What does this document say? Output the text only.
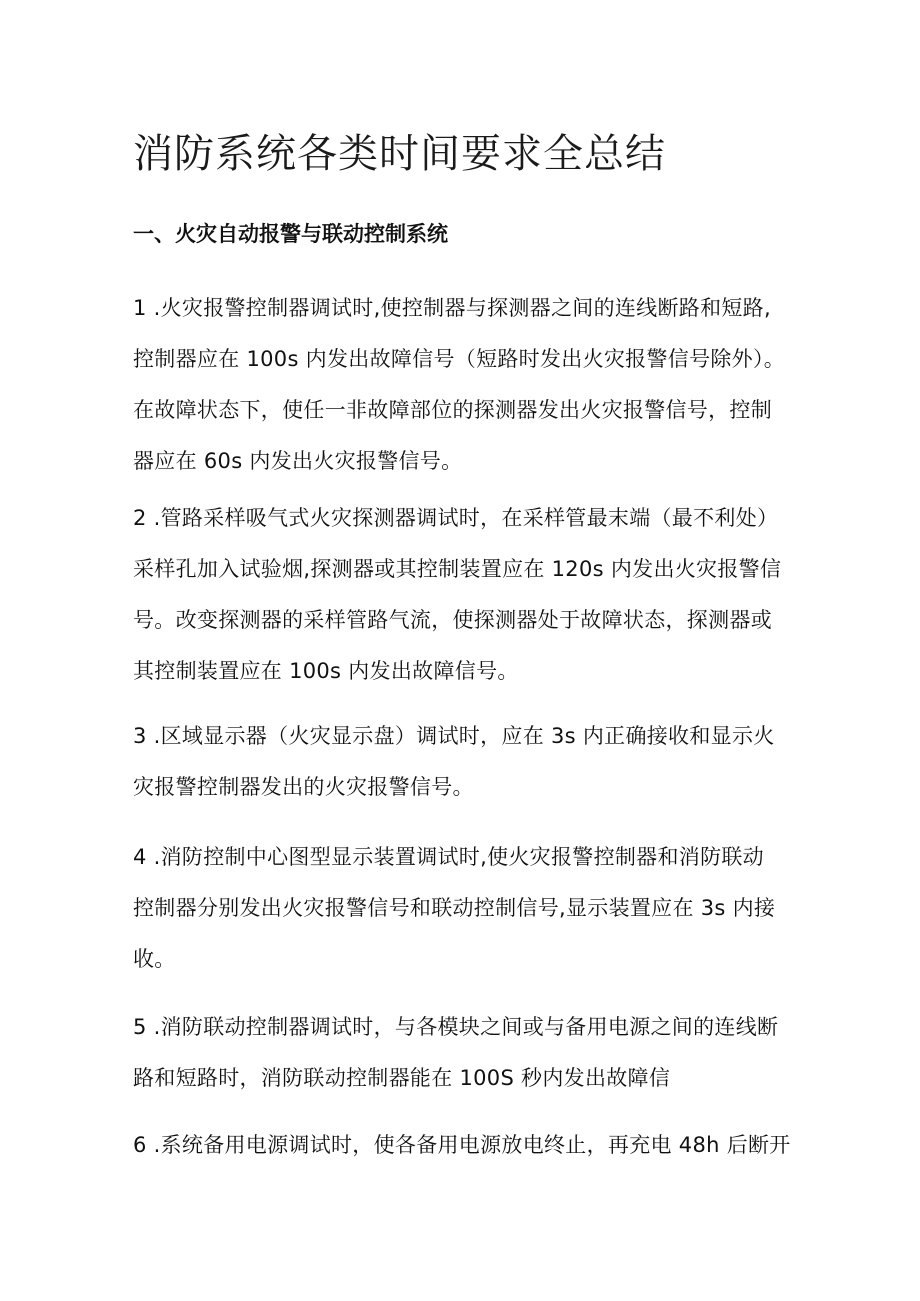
消防系统各类时间要求全总结
一、火灾自动报警与联动控制系统

1 .火灾报警控制器调试时,使控制器与探测器之间的连线断路和短路,
控制器应在 100s 内发出故障信号（短路时发出火灾报警信号除外）。
在故障状态下，使任一非故障部位的探测器发出火灾报警信号，控制
器应在 60s 内发出火灾报警信号。

2 .管路采样吸气式火灾探测器调试时，在采样管最末端（最不利处）
采样孔加入试验烟,探测器或其控制装置应在 120s 内发出火灾报警信
号。改变探测器的采样管路气流，使探测器处于故障状态，探测器或
其控制装置应在 100s 内发出故障信号。

3 .区域显示器（火灾显示盘）调试时，应在 3s 内正确接收和显示火
灾报警控制器发出的火灾报警信号。

4 .消防控制中心图型显示装置调试时,使火灾报警控制器和消防联动
控制器分别发出火灾报警信号和联动控制信号,显示装置应在 3s 内接
收。

5 .消防联动控制器调试时，与各模块之间或与备用电源之间的连线断
路和短路时，消防联动控制器能在 100S 秒内发出故障信

6 .系统备用电源调试时，使各备用电源放电终止，再充电 48h 后断开
